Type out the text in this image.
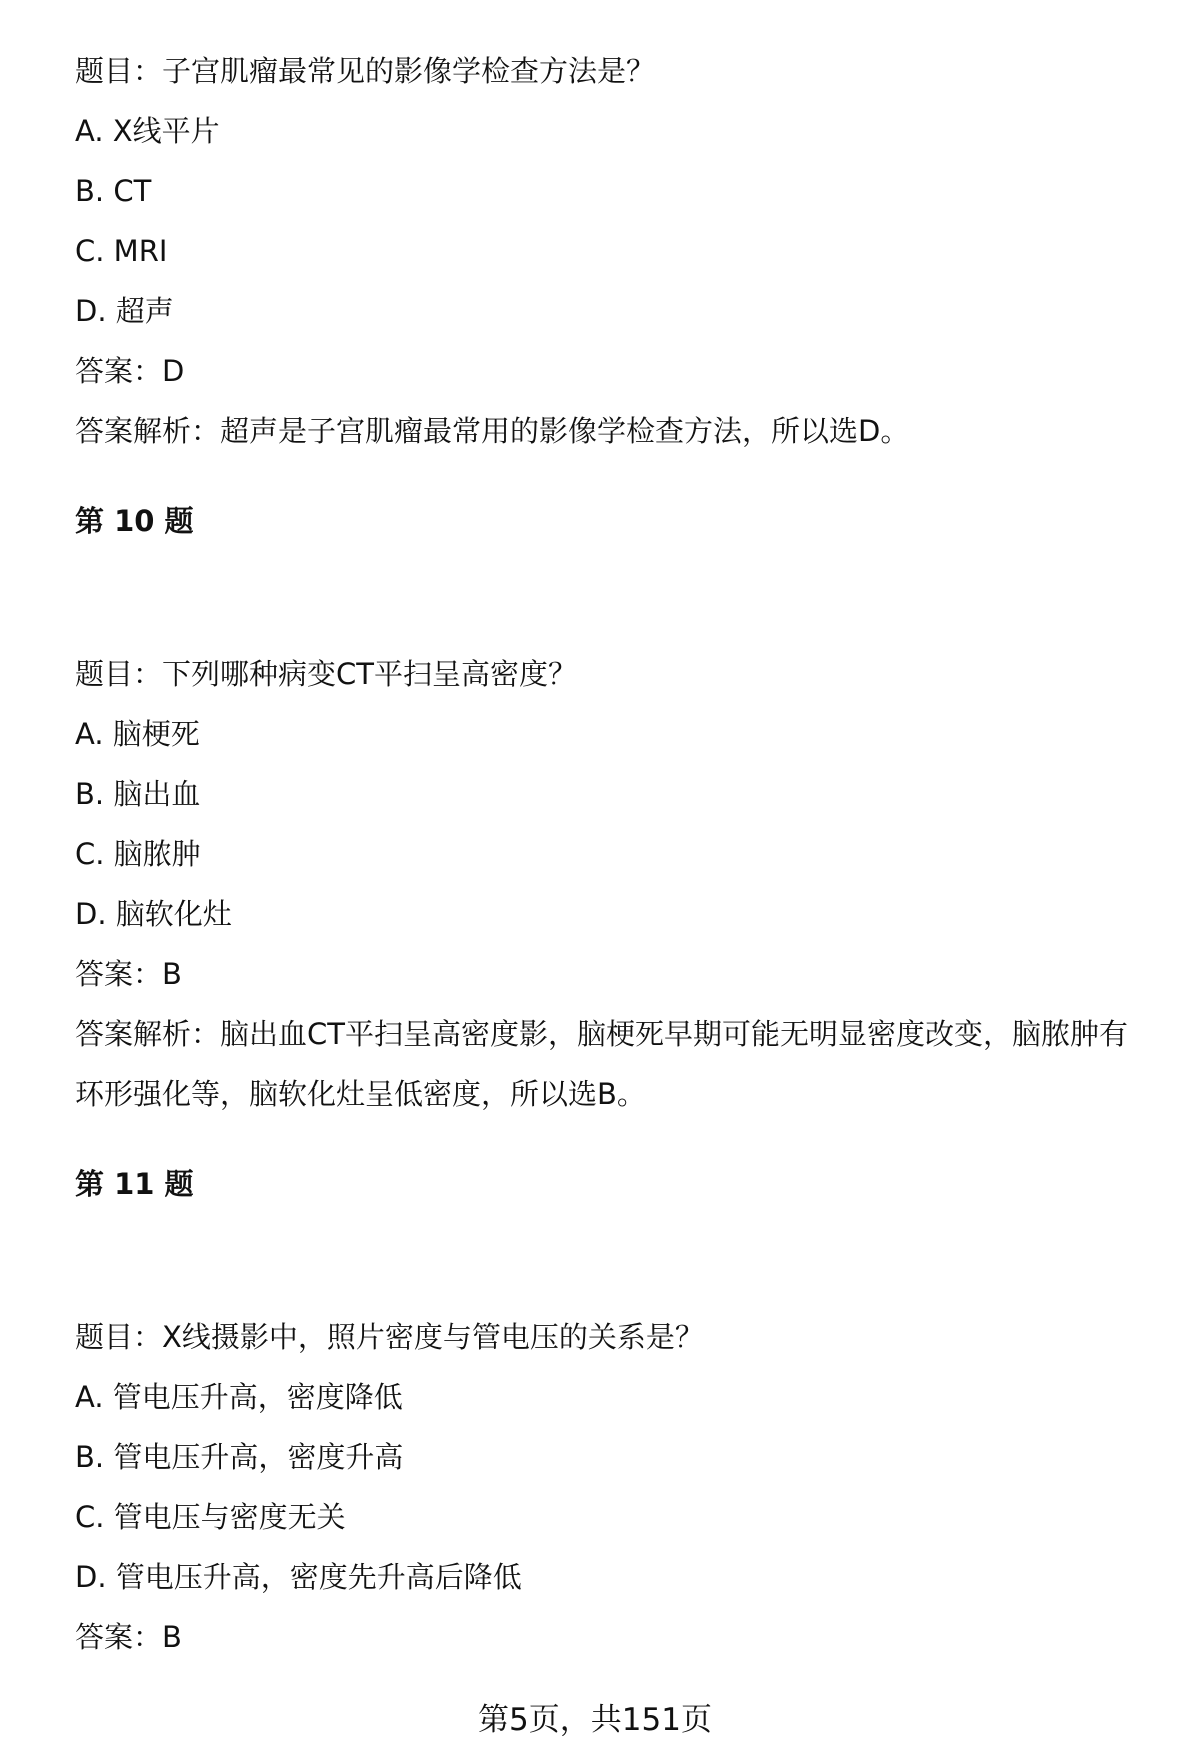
题目：子宫肌瘤最常见的影像学检查方法是？
A. X线平片
B. CT
C. MRI
D. 超声
答案：D
答案解析：超声是子宫肌瘤最常用的影像学检查方法，所以选D。
第 10 题
题目：下列哪种病变CT平扫呈高密度？
A. 脑梗死
B. 脑出血
C. 脑脓肿
D. 脑软化灶
答案：B
答案解析：脑出血CT平扫呈高密度影，脑梗死早期可能无明显密度改变，脑脓肿有
环形强化等，脑软化灶呈低密度，所以选B。
第 11 题
题目：X线摄影中，照片密度与管电压的关系是？
A. 管电压升高，密度降低
B. 管电压升高，密度升高
C. 管电压与密度无关
D. 管电压升高，密度先升高后降低
答案：B
第5页，共151页
